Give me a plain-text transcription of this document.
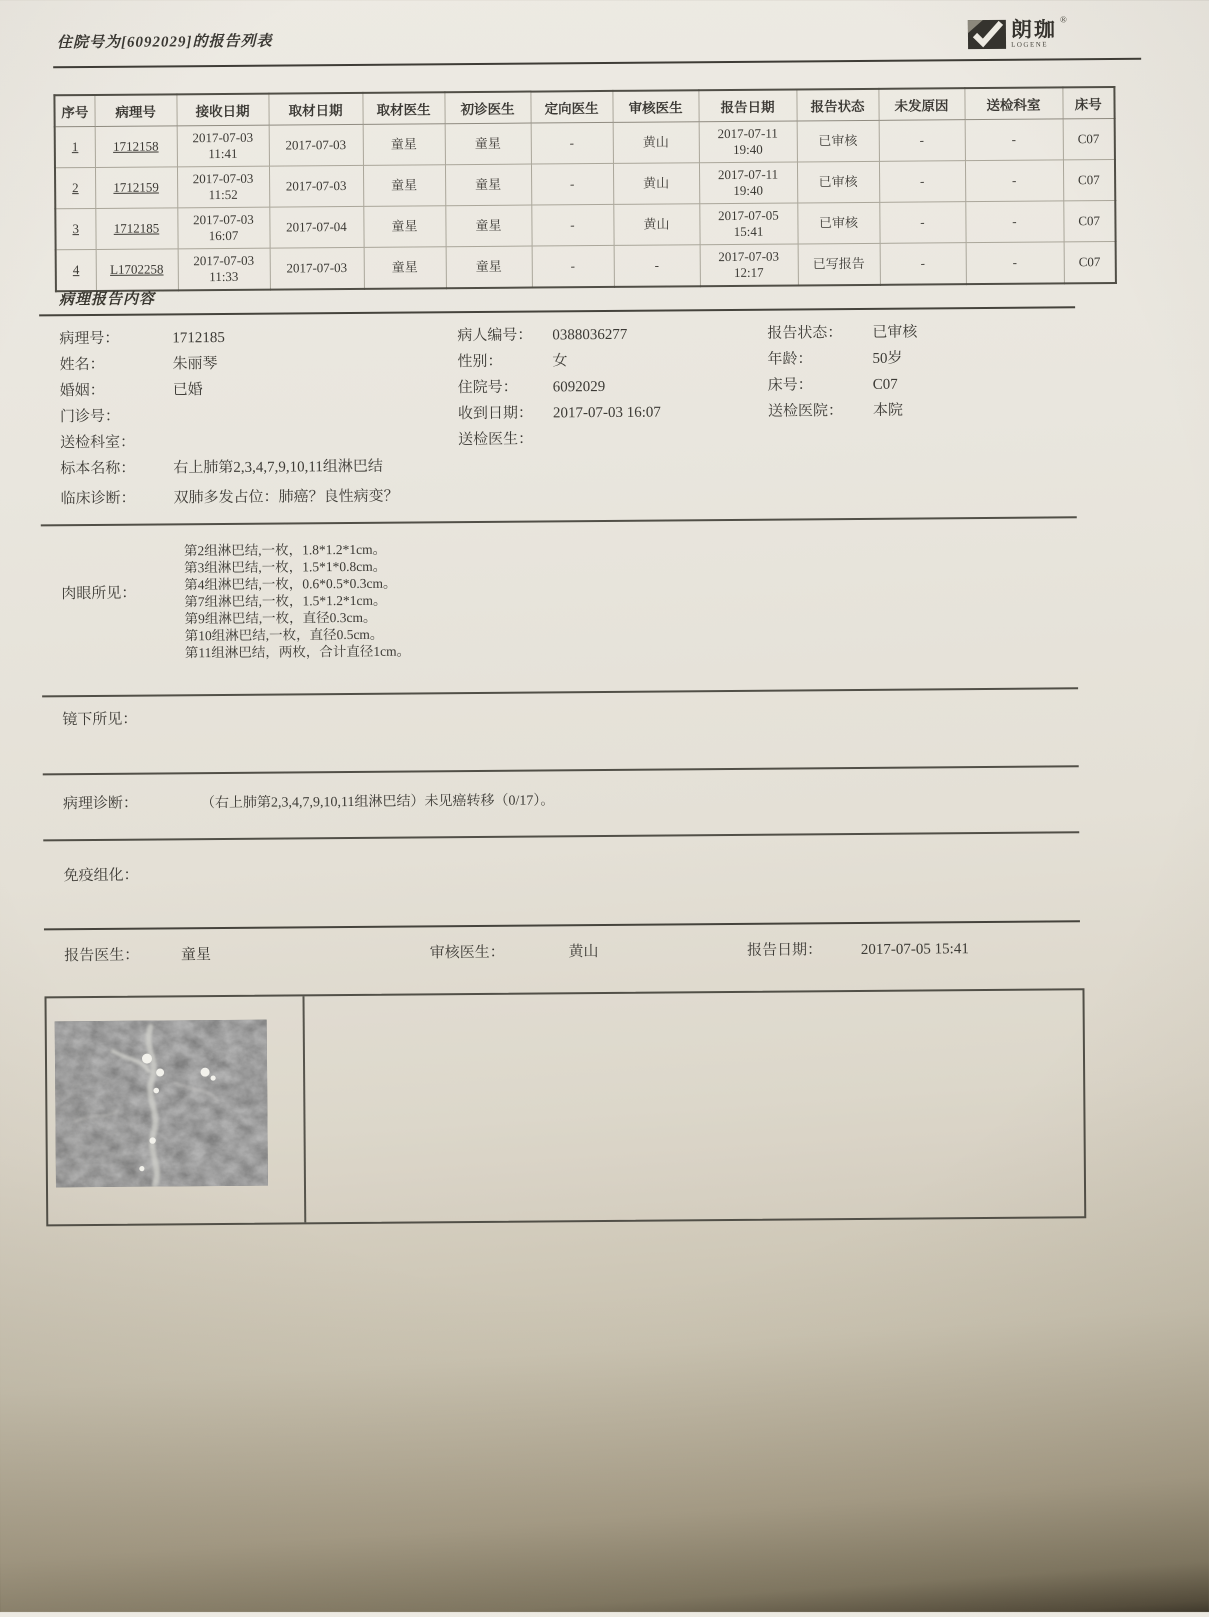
住院号为[6092029]的报告列表
朗珈 ®
LOGENE
序号	病理号	接收日期	取材日期	取材医生	初诊医生	定向医生	审核医生	报告日期	报告状态	未发原因	送检科室	床号
1	1712158	2017-07-03 11:41	2017-07-03	童星	童星	-	黄山	2017-07-11 19:40	已审核	-	-	C07
2	1712159	2017-07-03 11:52	2017-07-03	童星	童星	-	黄山	2017-07-11 19:40	已审核	-	-	C07
3	1712185	2017-07-03 16:07	2017-07-04	童星	童星	-	黄山	2017-07-05 15:41	已审核	-	-	C07
4	L1702258	2017-07-03 11:33	2017-07-03	童星	童星	-	-	2017-07-03 12:17	已写报告	-	-	C07
病理报告内容
病理号：	1712185
姓名：	朱丽琴
婚姻：	已婚
门诊号：
送检科室：
病人编号： 0388036277
性别：	女
住院号： 6092029
收到日期： 2017-07-03 16:07
送检医生：
报告状态： 已审核
年龄：	50岁
床号：	C07
送检医院： 本院
标本名称：	右上肺第2,3,4,7,9,10,11组淋巴结
临床诊断：	双肺多发占位：肺癌？良性病变？
肉眼所见：
第2组淋巴结,一枚，1.8*1.2*1cm。
第3组淋巴结,一枚，1.5*1*0.8cm。
第4组淋巴结,一枚，0.6*0.5*0.3cm。
第7组淋巴结,一枚，1.5*1.2*1cm。
第9组淋巴结,一枚，直径0.3cm。
第10组淋巴结,一枚，直径0.5cm。
第11组淋巴结，两枚，合计直径1cm。
镜下所见：
病理诊断：	（右上肺第2,3,4,7,9,10,11组淋巴结）未见癌转移（0/17）。
免疫组化：
报告医生：	童星	审核医生：	黄山	报告日期：	2017-07-05 15:41
